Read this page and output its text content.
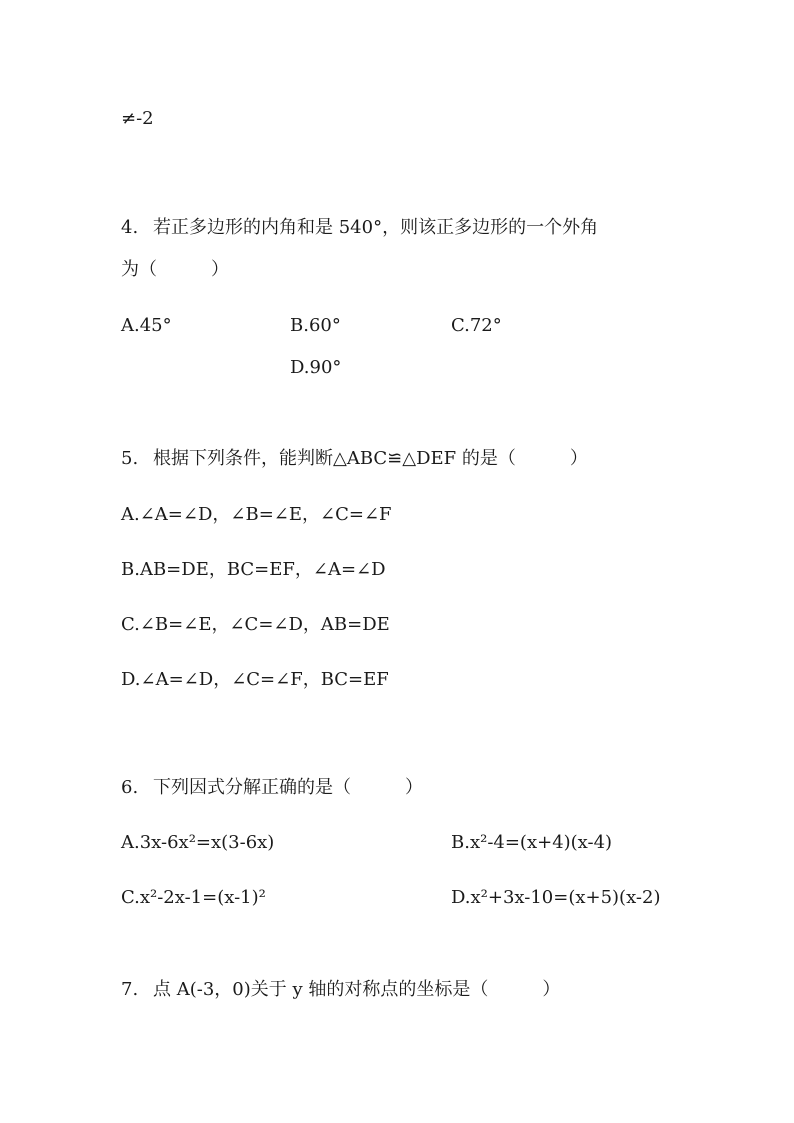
≠-2
4. 若正多边形的内角和是 540°，则该正多边形的一个外角
为（　　　）
A.45°	B.60°	C.72°
D.90°
5. 根据下列条件，能判断△ABC≌△DEF 的是（　　　）
A.∠A=∠D，∠B=∠E，∠C=∠F
B.AB=DE，BC=EF，∠A=∠D
C.∠B=∠E，∠C=∠D，AB=DE
D.∠A=∠D，∠C=∠F，BC=EF
6. 下列因式分解正确的是（　　　）
A.3x-6x²=x(3-6x)	B.x²-4=(x+4)(x-4)
C.x²-2x-1=(x-1)²	D.x²+3x-10=(x+5)(x-2)
7. 点 A(-3，0)关于 y 轴的对称点的坐标是（　　　）
